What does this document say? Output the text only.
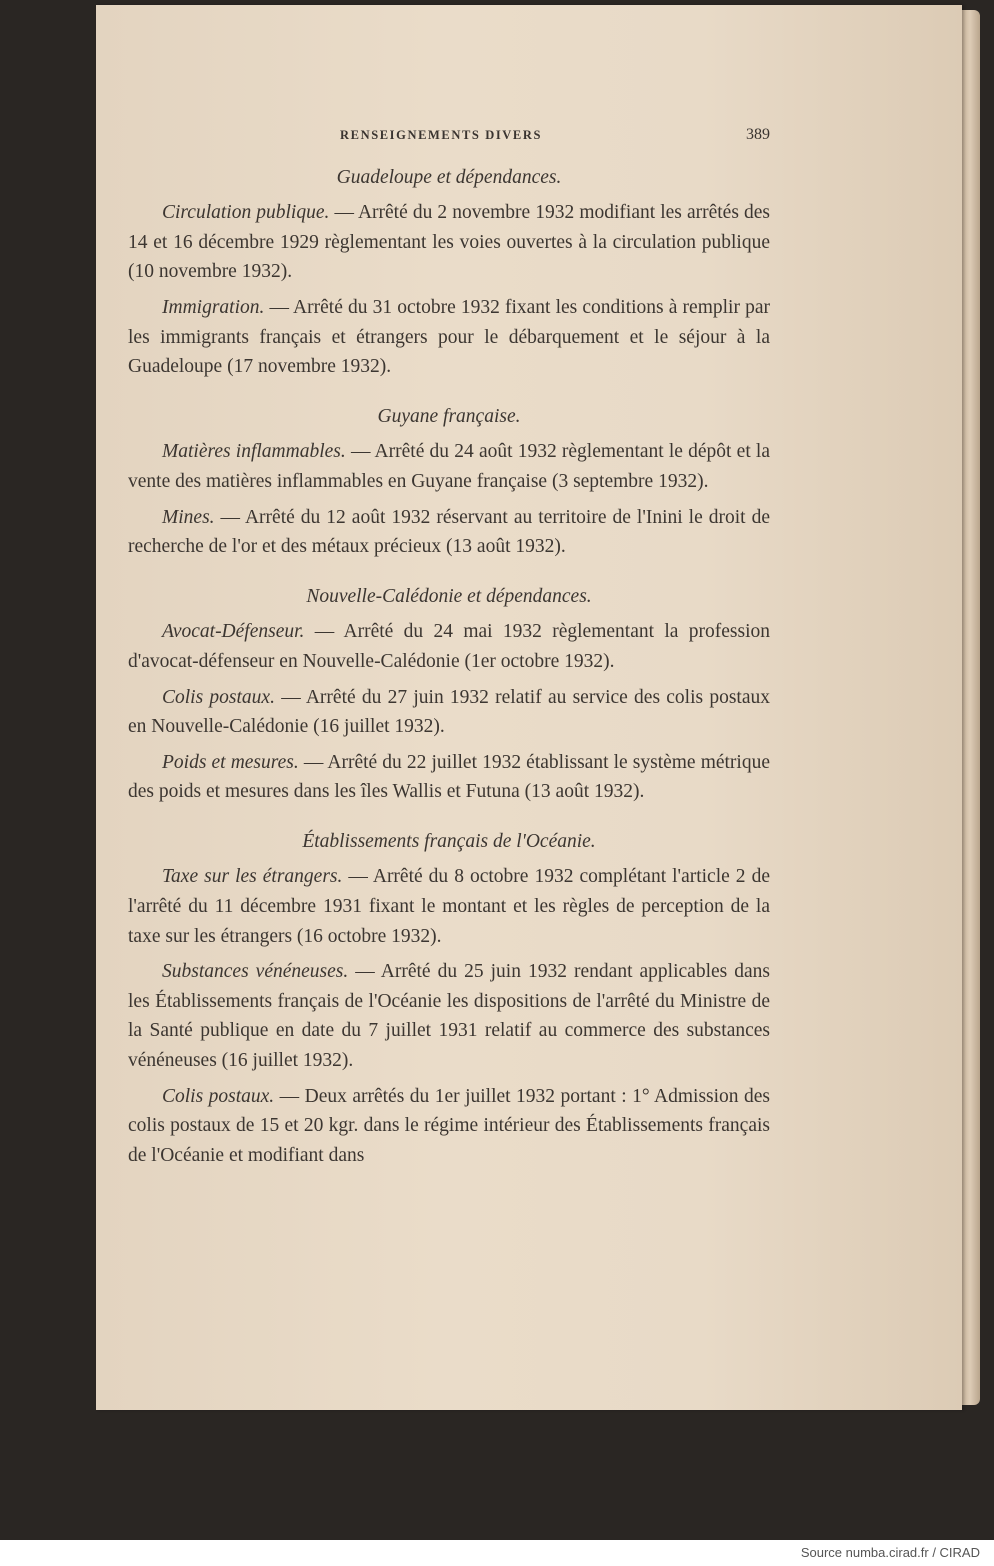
RENSEIGNEMENTS DIVERS	389
Guadeloupe et dépendances.

Circulation publique. — Arrêté du 2 novembre 1932 modifiant les arrêtés des 14 et 16 décembre 1929 règlementant les voies ouvertes à la circulation publique (10 novembre 1932).

Immigration. — Arrêté du 31 octobre 1932 fixant les conditions à remplir par les immigrants français et étrangers pour le débarquement et le séjour à la Guadeloupe (17 novembre 1932).

Guyane française.

Matières inflammables. — Arrêté du 24 août 1932 règlementant le dépôt et la vente des matières inflammables en Guyane française (3 septembre 1932).

Mines. — Arrêté du 12 août 1932 réservant au territoire de l'Inini le droit de recherche de l'or et des métaux précieux (13 août 1932).

Nouvelle-Calédonie et dépendances.

Avocat-Défenseur. — Arrêté du 24 mai 1932 règlementant la profession d'avocat-défenseur en Nouvelle-Calédonie (1er octobre 1932).

Colis postaux. — Arrêté du 27 juin 1932 relatif au service des colis postaux en Nouvelle-Calédonie (16 juillet 1932).

Poids et mesures. — Arrêté du 22 juillet 1932 établissant le système métrique des poids et mesures dans les îles Wallis et Futuna (13 août 1932).

Établissements français de l'Océanie.

Taxe sur les étrangers. — Arrêté du 8 octobre 1932 complétant l'article 2 de l'arrêté du 11 décembre 1931 fixant le montant et les règles de perception de la taxe sur les étrangers (16 octobre 1932).

Substances vénéneuses. — Arrêté du 25 juin 1932 rendant applicables dans les Établissements français de l'Océanie les dispositions de l'arrêté du Ministre de la Santé publique en date du 7 juillet 1931 relatif au commerce des substances vénéneuses (16 juillet 1932).

Colis postaux. — Deux arrêtés du 1er juillet 1932 portant : 1° Admission des colis postaux de 15 et 20 kgr. dans le régime intérieur des Établissements français de l'Océanie et modifiant dans

Source numba.cirad.fr / CIRAD
